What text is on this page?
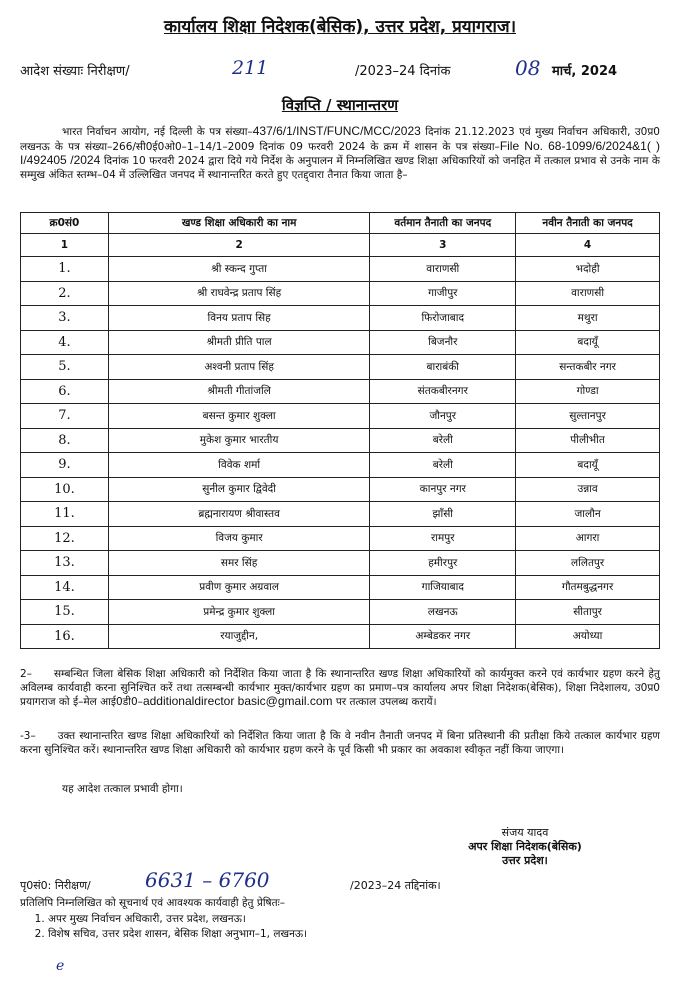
कार्यालय शिक्षा निदेशक(बेसिक), उत्तर प्रदेश, प्रयागराज।
आदेश संख्याः निरीक्षण/	211	/2023–24 दिनांक	08 मार्च, 2024
विज्ञप्ति / स्थानान्तरण
भारत निर्वाचन आयोग, नई दिल्ली के पत्र संख्या–437/6/1/INST/FUNC/MCC/2023 दिनांक 21.12.2023 एवं मुख्य निर्वाचन अधिकारी, उ0प्र0 लखनऊ के पत्र संख्या–266/सी0ई0ओ0–1–14/1–2009 दिनांक 09 फरवरी 2024 के क्रम में शासन के पत्र संख्या–File No. 68-1099/6/2024&1( ) I/492405 /2024 दिनांक 10 फरवरी 2024 द्वारा दिये गये निर्देश के अनुपालन में निम्नलिखित खण्ड शिक्षा अधिकारियों को जनहित में तत्काल प्रभाव से उनके नाम के सम्मुख अंकित स्तम्भ–04 में उल्लिखित जनपद में स्थानान्तरित करते हुए एतद्द्वारा तैनात किया जाता है–
क्र0सं0	खण्ड शिक्षा अधिकारी का नाम	वर्तमान तैनाती का जनपद	नवीन तैनाती का जनपद
1	2	3	4
1.	श्री स्कन्द गुप्ता	वाराणसी	भदोही
2.	श्री राघवेन्द्र प्रताप सिंह	गाजीपुर	वाराणसी
3.	विनय प्रताप सिह	फिरोजाबाद	मथुरा
4.	श्रीमती प्रीति पाल	बिजनौर	बदायूँ
5.	अश्वनी प्रताप सिंह	बाराबंकी	सन्तकबीर नगर
6.	श्रीमती गीतांजलि	संतकबीरनगर	गोण्डा
7.	बसन्त कुमार शुक्ला	जौनपुर	सुल्तानपुर
8.	मुकेश कुमार भारतीय	बरेली	पीलीभीत
9.	विवेक शर्मा	बरेली	बदायूँ
10.	सुनील कुमार द्विवेदी	कानपुर नगर	उन्नाव
11.	ब्रह्मनारायण श्रीवास्तव	झाँसी	जालौन
12.	विजय कुमार	रामपुर	आगरा
13.	समर सिंह	हमीरपुर	ललितपुर
14.	प्रवीण कुमार अग्रवाल	गाजियाबाद	गौतमबुद्धनगर
15.	प्रमेन्द्र कुमार शुक्ला	लखनऊ	सीतापुर
16.	रयाजुद्दीन,	अम्बेडकर नगर	अयोध्या
2– सम्बन्धित जिला बेसिक शिक्षा अधिकारी को निर्देशित किया जाता है कि स्थानान्तरित खण्ड शिक्षा अधिकारियों को कार्यमुक्त करने एवं कार्यभार ग्रहण करने हेतु अविलम्ब कार्यवाही करना सुनिश्चित करें तथा तत्सम्बन्धी कार्यभार मुक्त/कार्यभार ग्रहण का प्रमाण–पत्र कार्यालय अपर शिक्षा निदेशक(बेसिक), शिक्षा निदेशालय, उ0प्र0 प्रयागराज को ई–मेल आई0डी0–additionaldirector basic@gmail.com पर तत्काल उपलब्ध करायें।
-3– उक्त स्थानान्तरित खण्ड शिक्षा अधिकारियों को निर्देशित किया जाता है कि वे नवीन तैनाती जनपद में बिना प्रतिस्थानी की प्रतीक्षा किये तत्काल कार्यभार ग्रहण करना सुनिश्चित करें। स्थानान्तरित खण्ड शिक्षा अधिकारी को कार्यभार ग्रहण करने के पूर्व किसी भी प्रकार का अवकाश स्वीकृत नहीं किया जाएगा।
यह आदेश तत्काल प्रभावी होगा।
संजय यादव
अपर शिक्षा निदेशक(बेसिक)
उत्तर प्रदेश।
पृ0सं0: निरीक्षण/	6631 – 6760	/2023–24 तद्दिनांक।
प्रतिलिपि निम्नलिखित को सूचनार्थ एवं आवश्यक कार्यवाही हेतु प्रेषितः–
1. अपर मुख्य निर्वाचन अधिकारी, उत्तर प्रदेश, लखनऊ।
2. विशेष सचिव, उत्तर प्रदेश शासन, बेसिक शिक्षा अनुभाग–1, लखनऊ।
e
